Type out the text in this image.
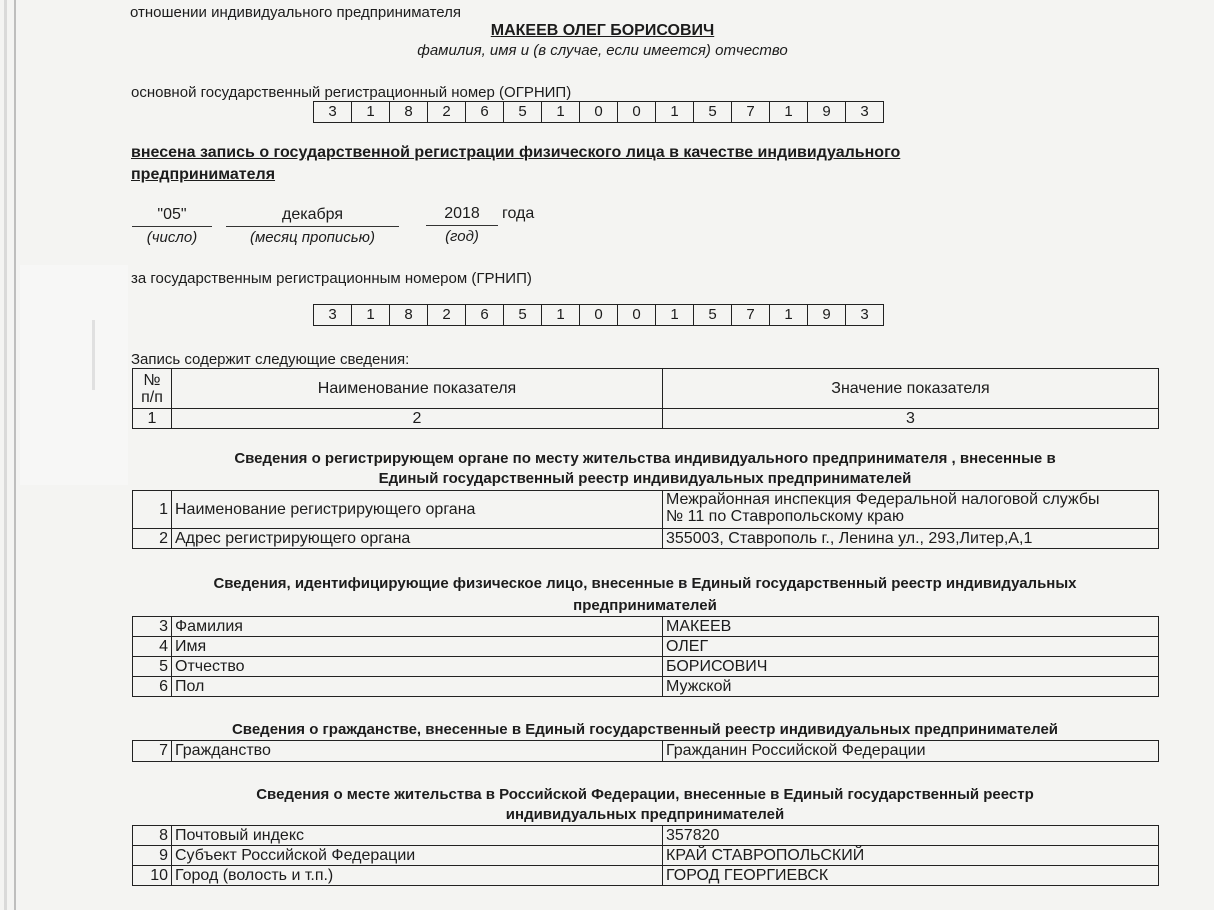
отношении индивидуального предпринимателя
МАКЕЕВ ОЛЕГ БОРИСОВИЧ
фамилия, имя и (в случае, если имеется) отчество
основной государственный регистрационный номер (ОГРНИП)
3	1	8	2	6	5	1	0	0	1	5	7	1	9	3
внесена запись о государственной регистрации физического лица в качестве индивидуального
предпринимателя
"05"	декабря	2018	года
(число)	(месяц прописью)	(год)
за государственным регистрационным номером (ГРНИП)
3	1	8	2	6	5	1	0	0	1	5	7	1	9	3
Запись содержит следующие сведения:
№
п/п	Наименование показателя	Значение показателя
1	2	3
Сведения о регистрирующем органе по месту жительства индивидуального предпринимателя , внесенные в
Единый государственный реестр индивидуальных предпринимателей
1	Наименование регистрирующего органа	Межрайонная инспекция Федеральной налоговой службы
№ 11 по Ставропольскому краю

2	Адрес регистрирующего органа	355003, Ставрополь г., Ленина ул., 293,Литер,А,1
Сведения, идентифицирующие физическое лицо, внесенные в Единый государственный реестр индивидуальных
предпринимателей
3	Фамилия	МАКЕЕВ
4	Имя	ОЛЕГ
5	Отчество	БОРИСОВИЧ
6	Пол	Мужской
Сведения о гражданстве, внесенные в Единый государственный реестр индивидуальных предпринимателей
7	Гражданство	Гражданин Российской Федерации
Сведения о месте жительства в Российской Федерации, внесенные в Единый государственный реестр
индивидуальных предпринимателей
8	Почтовый индекс	357820
9	Субъект Российской Федерации	КРАЙ СТАВРОПОЛЬСКИЙ
10	Город (волость и т.п.)	ГОРОД ГЕОРГИЕВСК
